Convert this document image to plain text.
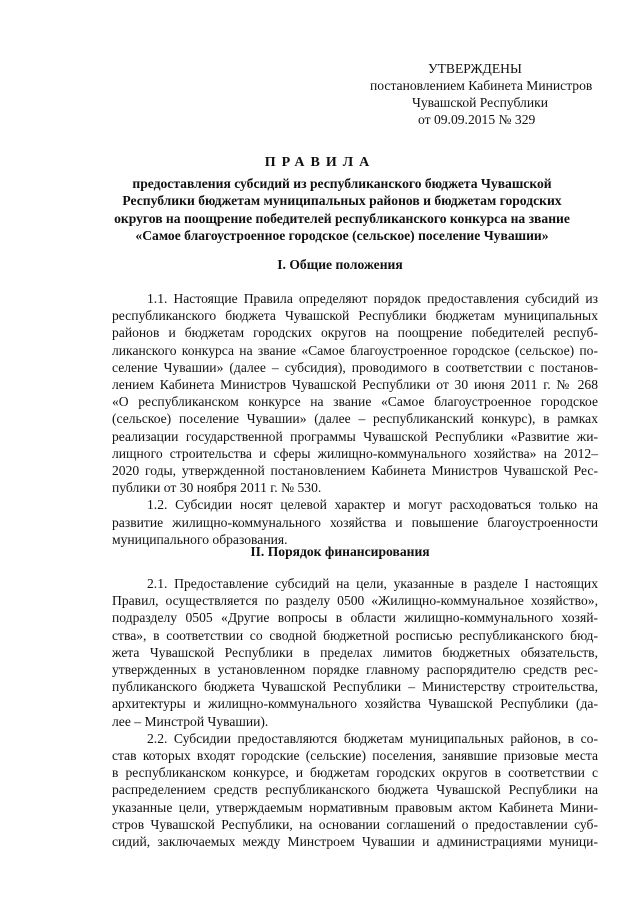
УТВЕРЖДЕНЫ
постановлением Кабинета Министров
Чувашской Республики
от 09.09.2015 № 329
ПРАВИЛА
предоставления субсидий из республиканского бюджета Чувашской
Республики бюджетам муниципальных районов и бюджетам городских
округов на поощрение победителей республиканского конкурса на звание
«Самое благоустроенное городское (сельское) поселение Чувашии»
I. Общие положения
1.1. Настоящие Правила определяют порядок предоставления субсидий из
республиканского бюджета Чувашской Республики бюджетам муниципальных
районов и бюджетам городских округов на поощрение победителей респуб-
ликанского конкурса на звание «Самое благоустроенное городское (сельское) по-
селение Чувашии» (далее – субсидия), проводимого в соответствии с постанов-
лением Кабинета Министров Чувашской Республики от 30 июня 2011 г. № 268
«О республиканском конкурсе на звание «Самое благоустроенное городское
(сельское) поселение Чувашии» (далее – республиканский конкурс), в рамках
реализации государственной программы Чувашской Республики «Развитие жи-
лищного строительства и сферы жилищно-коммунального хозяйства» на 2012–
2020 годы, утвержденной постановлением Кабинета Министров Чувашской Рес-
публики от 30 ноября 2011 г. № 530.
1.2. Субсидии носят целевой характер и могут расходоваться только на
развитие жилищно-коммунального хозяйства и повышение благоустроенности
муниципального образования.
II. Порядок финансирования
2.1. Предоставление субсидий на цели, указанные в разделе I настоящих
Правил, осуществляется по разделу 0500 «Жилищно-коммунальное хозяйство»,
подразделу 0505 «Другие вопросы в области жилищно-коммунального хозяй-
ства», в соответствии со сводной бюджетной росписью республиканского бюд-
жета Чувашской Республики в пределах лимитов бюджетных обязательств,
утвержденных в установленном порядке главному распорядителю средств рес-
публиканского бюджета Чувашской Республики – Министерству строительства,
архитектуры и жилищно-коммунального хозяйства Чувашской Республики (да-
лее – Минстрой Чувашии).
2.2. Субсидии предоставляются бюджетам муниципальных районов, в со-
став которых входят городские (сельские) поселения, занявшие призовые места
в республиканском конкурсе, и бюджетам городских округов в соответствии с
распределением средств республиканского бюджета Чувашской Республики на
указанные цели, утверждаемым нормативным правовым актом Кабинета Мини-
стров Чувашской Республики, на основании соглашений о предоставлении суб-
сидий, заключаемых между Минстроем Чувашии и администрациями муници-
